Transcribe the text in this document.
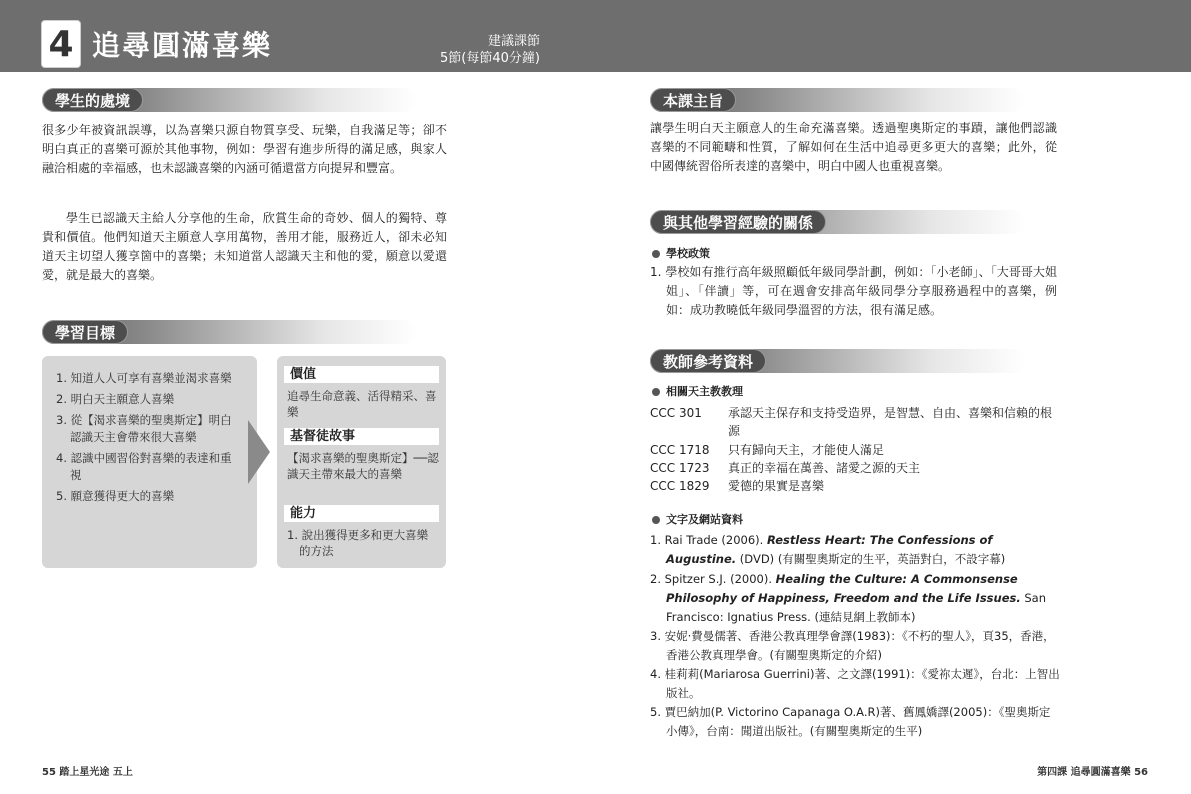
4 追尋圓滿喜樂	建議課節
5節(每節40分鐘)
學生的處境
很多少年被資訊誤導，以為喜樂只源自物質享受、玩樂，自我滿足等；卻不明白真正的喜樂可源於其他事物，例如：學習有進步所得的滿足感，與家人融洽相處的幸福感，也未認識喜樂的內涵可循還當方向提昇和豐富。
學生已認識天主給人分享他的生命，欣賞生命的奇妙、個人的獨特、尊貴和價值。他們知道天主願意人享用萬物，善用才能，服務近人，卻未必知道天主切望人獲享箇中的喜樂；未知道當人認識天主和他的愛，願意以愛還愛，就是最大的喜樂。
學習目標
1. 知道人人可享有喜樂並渴求喜樂
2. 明白天主願意人喜樂
3. 從【渴求喜樂的聖奧斯定】明白認識天主會帶來很大喜樂
4. 認識中國習俗對喜樂的表達和重視
5. 願意獲得更大的喜樂
價值
追尋生命意義、活得精采、喜樂
基督徒故事
【渴求喜樂的聖奧斯定】──認識天主帶來最大的喜樂
能力
1. 說出獲得更多和更大喜樂的方法
55 踏上星光途 五上
本課主旨
讓學生明白天主願意人的生命充滿喜樂。透過聖奧斯定的事蹟，讓他們認識喜樂的不同範疇和性質，了解如何在生活中追尋更多更大的喜樂；此外，從中國傳統習俗所表達的喜樂中，明白中國人也重視喜樂。
與其他學習經驗的關係
學校政策
1. 學校如有推行高年級照顧低年級同學計劃，例如：「小老師」、「大哥哥大姐姐」、「伴讀」等，可在週會安排高年級同學分享服務過程中的喜樂，例如：成功教曉低年級同學溫習的方法，很有滿足感。
教師參考資料
相關天主教教理
CCC 301	承認天主保存和支持受造界，是智慧、自由、喜樂和信賴的根源
CCC 1718	只有歸向天主，才能使人滿足
CCC 1723	真正的幸福在萬善、諸愛之源的天主
CCC 1829	愛德的果實是喜樂
文字及網站資料
1. Rai Trade (2006). Restless Heart: The Confessions of Augustine. (DVD) (有關聖奧斯定的生平，英語對白，不設字幕)
2. Spitzer S.J. (2000). Healing the Culture: A Commonsense Philosophy of Happiness, Freedom and the Life Issues. San Francisco: Ignatius Press. (連結見網上教師本)
3. 安妮‧費曼儒著、香港公教真理學會譯(1983)：《不朽的聖人》，頁35，香港，香港公教真理學會。(有關聖奧斯定的介紹)
4. 桂莉莉(Mariarosa Guerrini)著、之文譯(1991)：《愛祢太遲》，台北：上智出版社。
5. 賈巴納加(P. Victorino Capanaga O.A.R)著、舊鳳嬌譯(2005)：《聖奧斯定小傳》，台南：聞道出版社。(有關聖奧斯定的生平)
第四課 追尋圓滿喜樂 56
